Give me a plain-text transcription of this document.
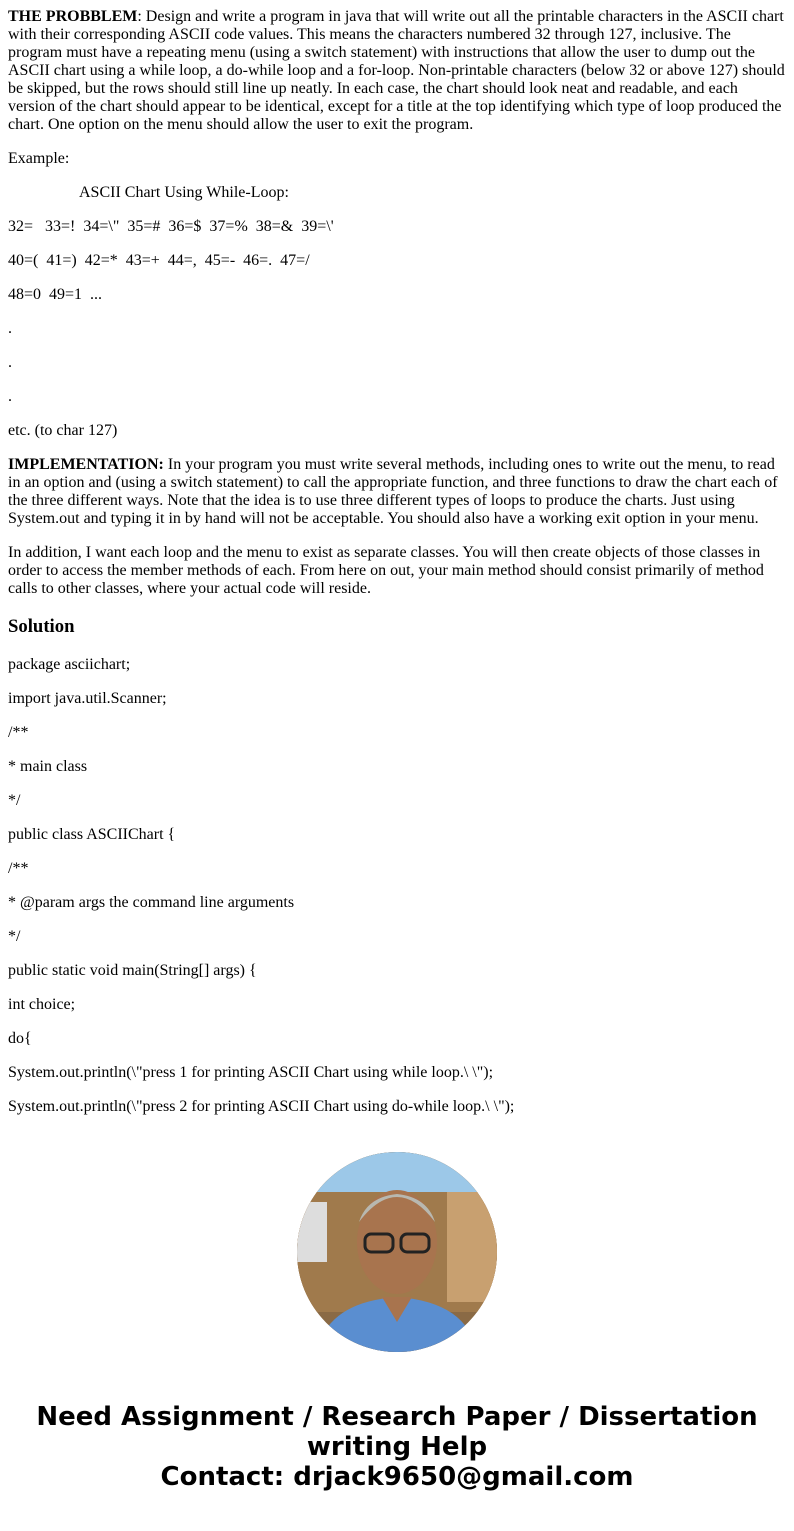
THE PROBBLEM: Design and write a program in java that will write out all the printable characters in the ASCII chart with their corresponding ASCII code values. This means the characters numbered 32 through 127, inclusive. The program must have a repeating menu (using a switch statement) with instructions that allow the user to dump out the ASCII chart using a while loop, a do-while loop and a for-loop. Non-printable characters (below 32 or above 127) should be skipped, but the rows should still line up neatly. In each case, the chart should look neat and readable, and each version of the chart should appear to be identical, except for a title at the top identifying which type of loop produced the chart. One option on the menu should allow the user to exit the program.

Example:

ASCII Chart Using While-Loop:

32=   33=!  34=\"  35=#  36=$  37=%  38=&  39=\'

40=(  41=)  42=*  43=+  44=,  45=-  46=.  47=/

48=0  49=1  ...

.

.

.

etc. (to char 127)

IMPLEMENTATION: In your program you must write several methods, including ones to write out the menu, to read in an option and (using a switch statement) to call the appropriate function, and three functions to draw the chart each of the three different ways. Note that the idea is to use three different types of loops to produce the charts. Just using System.out and typing it in by hand will not be acceptable. You should also have a working exit option in your menu.

In addition, I want each loop and the menu to exist as separate classes. You will then create objects of those classes in order to access the member methods of each. From here on out, your main method should consist primarily of method calls to other classes, where your actual code will reside.

Solution

package asciichart;

import java.util.Scanner;

/**

* main class

*/

public class ASCIIChart {

/**

* @param args the command line arguments

*/

public static void main(String[] args) {

int choice;

do{

System.out.println(\"press 1 for printing ASCII Chart using while loop.\ \");

System.out.println(\"press 2 for printing ASCII Chart using do-while loop.\ \");

Need Assignment / Research Paper / Dissertation writing Help
Contact: drjack9650@gmail.com
